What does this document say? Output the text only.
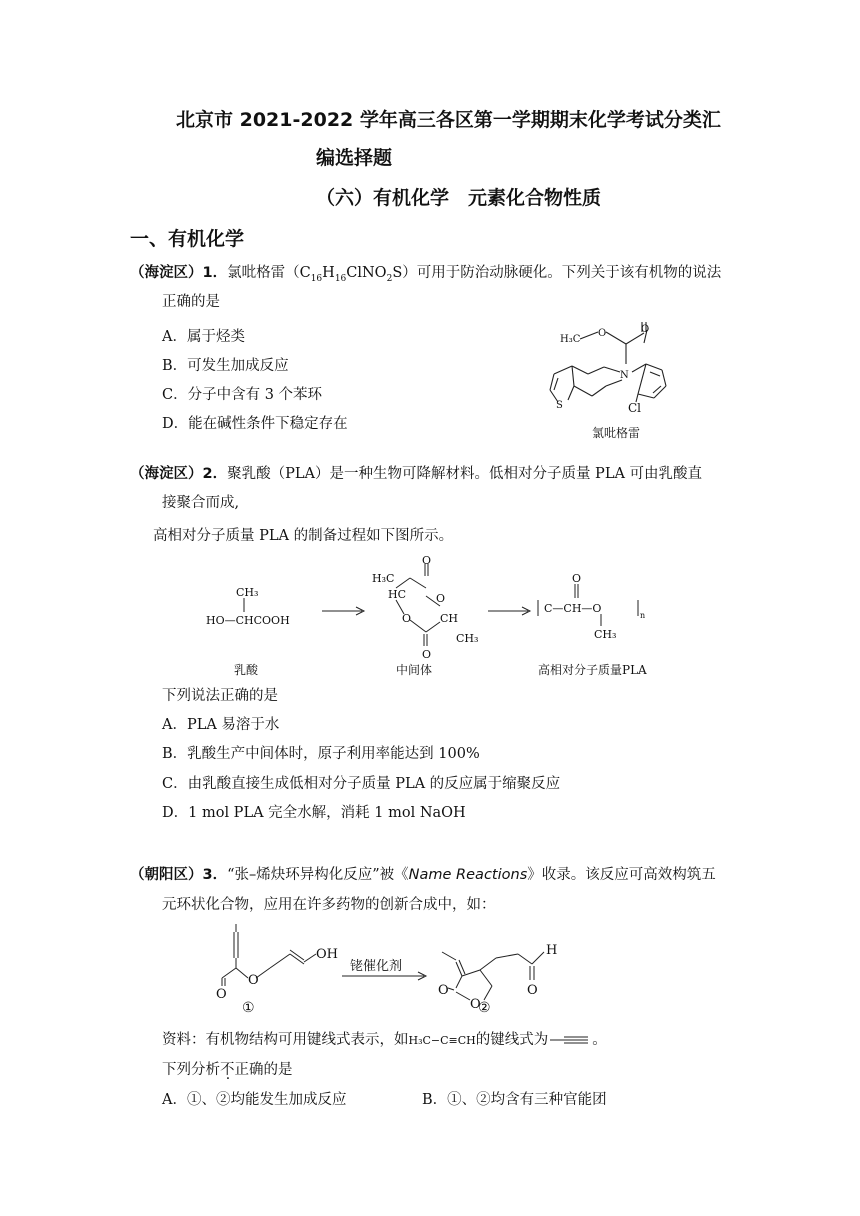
北京市 2021-2022 学年高三各区第一学期期末化学考试分类汇
编选择题
（六）有机化学　元素化合物性质
一、有机化学
（海淀区）1．氯吡格雷$(C_{16}H_{16}ClNO_2S)$可用于防治动脉硬化。下列关于该有机物的说法
正确的是
A．属于烃类
B．可发生加成反应
C．分子中含有 3 个苯环
D．能在碱性条件下稳定存在
H₃C
O	O
N
S	Cl
氯吡格雷
（海淀区）2．聚乳酸（PLA）是一种生物可降解材料。低相对分子质量 PLA 可由乳酸直
接聚合而成,
高相对分子质量 PLA 的制备过程如下图所示。
CH₃
HO—CHCOOH
H₃C
HC
CH
CH₃
O
O
O
O
O
C—CH—O
CH₃
n
乳酸	中间体	高相对分子质量PLA
下列说法正确的是
A．PLA 易溶于水
B．乳酸生产中间体时，原子利用率能达到 100%
C．由乳酸直接生成低相对分子质量 PLA 的反应属于缩聚反应
D．1 mol PLA 完全水解，消耗 1 mol NaOH
（朝阳区）3．“张–烯炔环异构化反应”被《Name Reactions》收录。该反应可高效构筑五
元环状化合物，应用在许多药物的创新合成中，如：
OH
O
O
①
铑催化剂
O
O
H
O
②
资料：有机物结构可用键线式表示，如H₃C−C≡CH的键线式为	。
下列分析不正确的是
A．①、②均能发生加成反应	B．①、②均含有三种官能团
